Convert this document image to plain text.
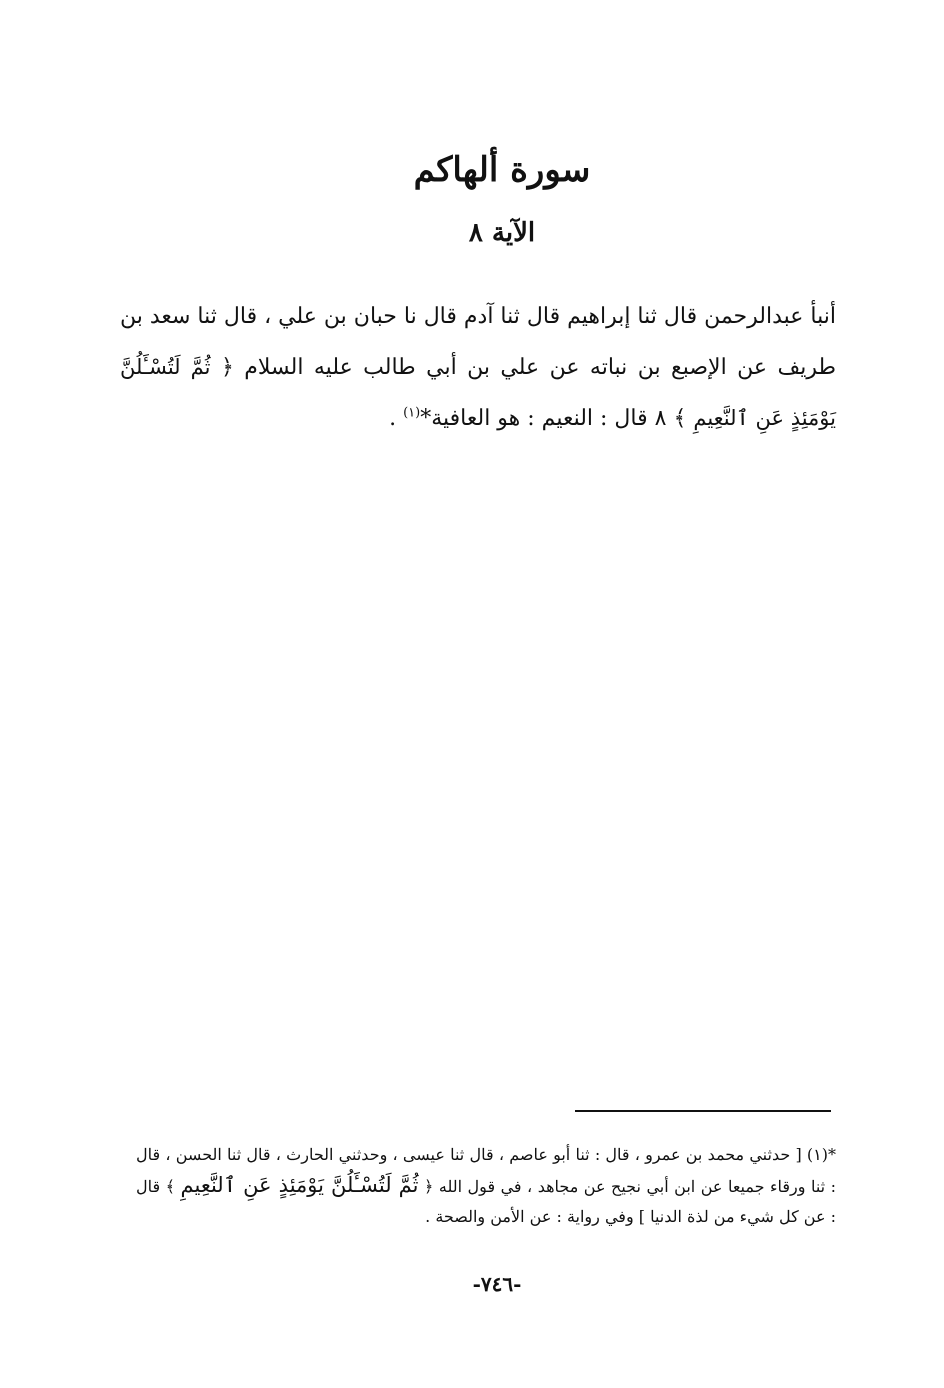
سورة ألهاكم
الآية ٨

أنبأ عبدالرحمن قال ثنا إبراهيم قال ثنا آدم قال نا حبان بن علي ، قال ثنا سعد بن طريف عن الإصبع بن نباته عن علي بن أبي طالب عليه السلام ﴿ ثُمَّ لَتُسْـَٔلُنَّ يَوْمَئِذٍ عَنِ ٱلنَّعِيمِ ﴾ ٨ قال : النعيم : هو العافية*$^{(١)}$ .

*(١) [ حدثني محمد بن عمرو ، قال : ثنا أبو عاصم ، قال ثنا عيسى ، وحدثني الحارث ، قال ثنا الحسن ، قال : ثنا ورقاء جميعا عن ابن أبي نجيح عن مجاهد ، في قول الله ﴿ ثُمَّ لَتُسْـَٔلُنَّ يَوْمَئِذٍ عَنِ ٱلنَّعِيمِ ﴾ قال : عن كل شيء من لذة الدنيا ] وفي رواية : عن الأمن والصحة .

-٧٤٦-
